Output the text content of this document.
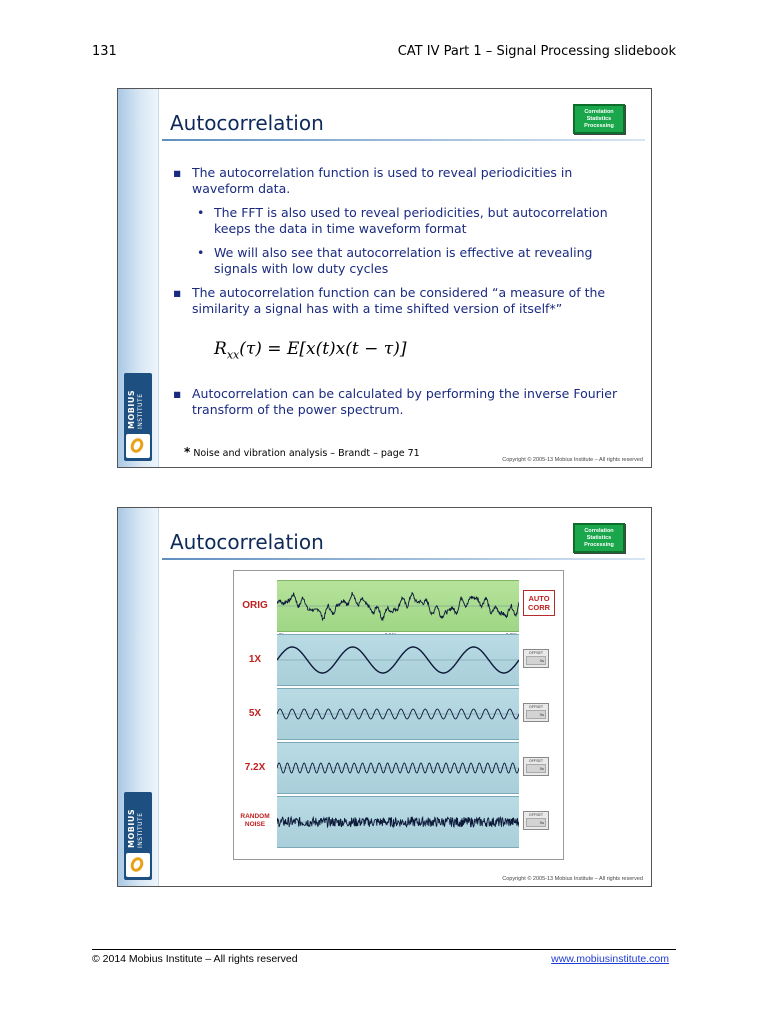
131	CAT IV Part 1 – Signal Processing slidebook
MOBIUS INSTITUTE
Autocorrelation	Correlation
Statistics
Processing
▪ The autocorrelation function is used to reveal periodicities in waveform data.
• The FFT is also used to reveal periodicities, but autocorrelation keeps the data in time waveform format
• We will also see that autocorrelation is effective at revealing signals with low duty cycles
▪ The autocorrelation function can be considered “a measure of the similarity a signal has with a time shifted version of itself*”
$R_{xx}(\tau) = E[x(t)x(t - \tau)]$
▪ Autocorrelation can be calculated by performing the inverse Fourier transform of the power spectrum.
* Noise and vibration analysis – Brandt – page 71
Copyright © 2005-13 Mobius Institute – All rights reserved
MOBIUS INSTITUTE
Autocorrelation	Correlation
Statistics
Processing
AUTO
CORR
ORIG
1X
OFFSET
0s
5X
OFFSET
0s
7.2X
OFFSET
0s
RANDOM NOISE
OFFSET
0s
Copyright © 2005-13 Mobius Institute – All rights reserved
© 2014 Mobius Institute – All rights reserved	www.mobiusinstitute.com
